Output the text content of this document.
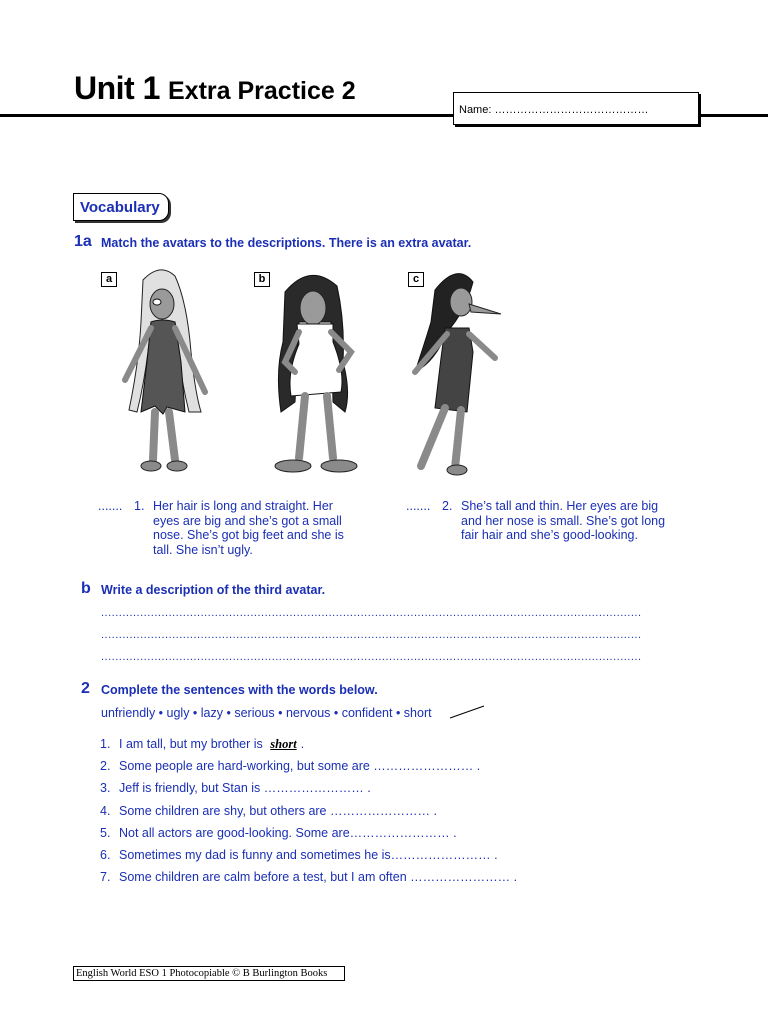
Unit 1 Extra Practice 2
Name: ……………………………………
Vocabulary
1a Match the avatars to the descriptions. There is an extra avatar.
a	b	c
....... 1. Her hair is long and straight. Her
eyes are big and she’s got a small
nose. She’s got big feet and she is
tall. She isn’t ugly.
....... 2. She’s tall and thin. Her eyes are big
and her nose is small. She’s got long
fair hair and she’s good-looking.
b Write a description of the third avatar.
........................................................................................................................................................
........................................................................................................................................................
........................................................................................................................................................
2 Complete the sentences with the words below.
unfriendly • ugly • lazy • serious • nervous • confident • short
1. I am tall, but my brother is short .
2. Some people are hard-working, but some are …………………… .
3. Jeff is friendly, but Stan is …………………… .
4. Some children are shy, but others are …………………… .
5. Not all actors are good-looking. Some are…………………… .
6. Sometimes my dad is funny and sometimes he is…………………… .
7. Some children are calm before a test, but I am often …………………… .
English World ESO 1 Photocopiable © B Burlington Books
